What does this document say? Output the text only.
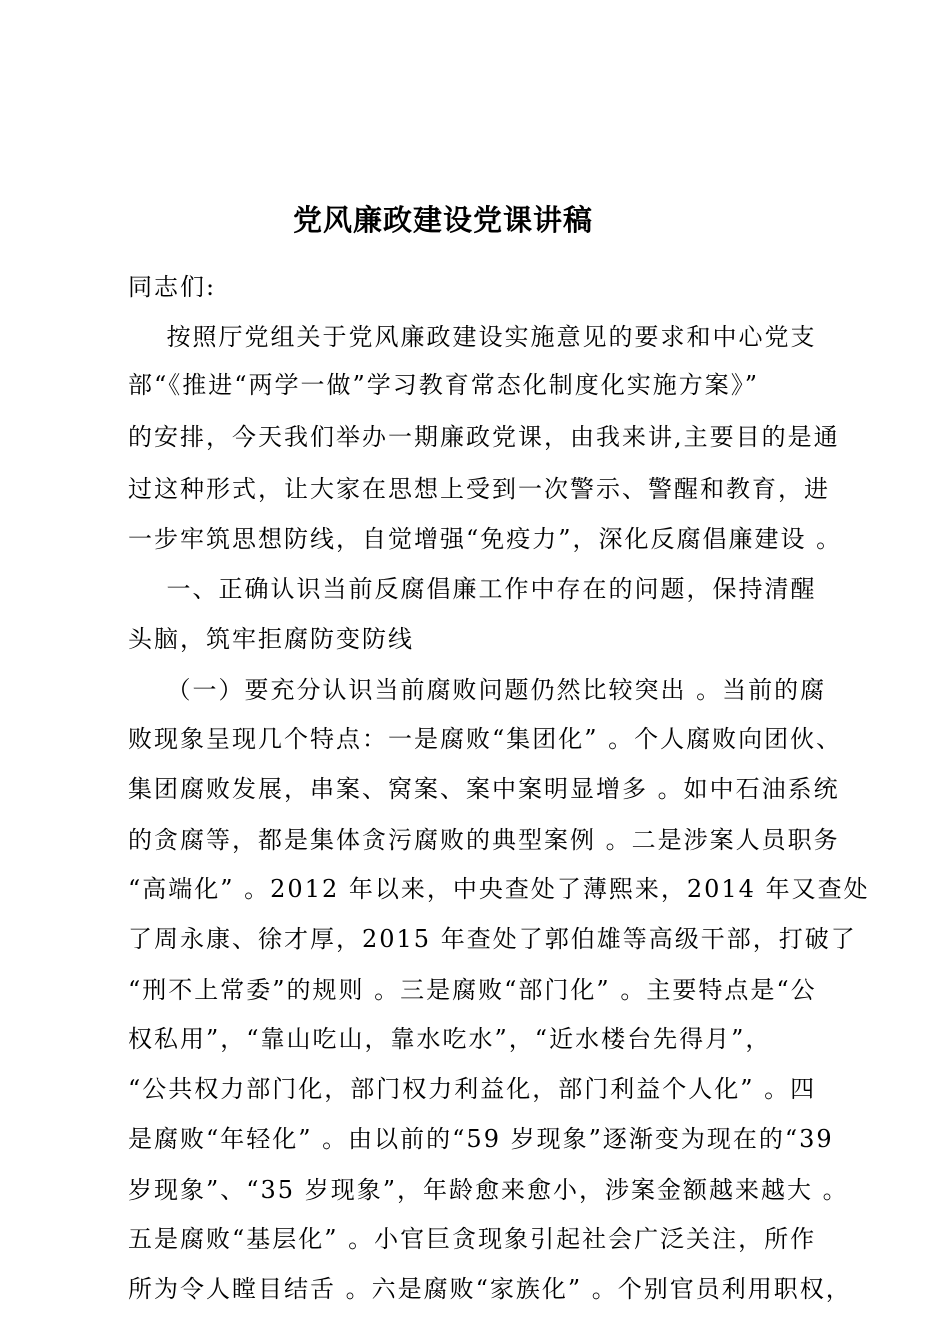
党风廉政建设党课讲稿
同志们:
按照厅党组关于党风廉政建设实施意见的要求和中心党支
部“《推进“两学一做”学习教育常态化制度化实施方案》”
的安排，今天我们举办一期廉政党课，由我来讲,主要目的是通
过这种形式，让大家在思想上受到一次警示、警醒和教育，进
一步牢筑思想防线，自觉增强“免疫力”，深化反腐倡廉建设 。
一、正确认识当前反腐倡廉工作中存在的问题，保持清醒
头脑，筑牢拒腐防变防线
（一）要充分认识当前腐败问题仍然比较突出 。当前的腐
败现象呈现几个特点：一是腐败“集团化” 。个人腐败向团伙、
集团腐败发展，串案、窝案、案中案明显增多 。如中石油系统
的贪腐等，都是集体贪污腐败的典型案例 。二是涉案人员职务
“高端化” 。2012 年以来，中央查处了薄熙来，2014 年又查处
了周永康、徐才厚，2015 年查处了郭伯雄等高级干部，打破了
“刑不上常委”的规则 。三是腐败“部门化” 。主要特点是“公
权私用”，“靠山吃山，靠水吃水”，“近水楼台先得月”，
“公共权力部门化，部门权力利益化，部门利益个人化” 。四
是腐败“年轻化” 。由以前的“59 岁现象”逐渐变为现在的“39
岁现象”、“35 岁现象”，年龄愈来愈小，涉案金额越来越大 。
五是腐败“基层化” 。小官巨贪现象引起社会广泛关注，所作
所为令人瞠目结舌 。六是腐败“家族化” 。个别官员利用职权，
